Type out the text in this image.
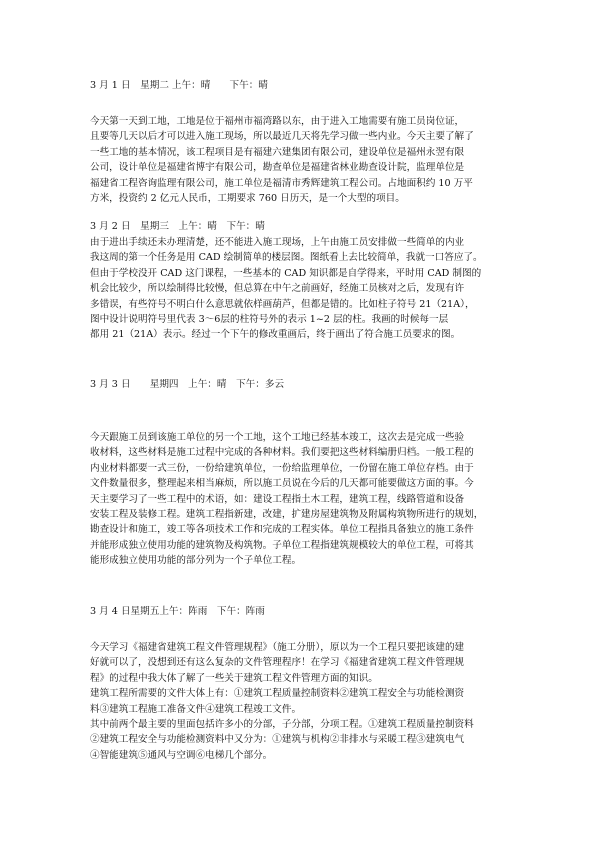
3 月 1 日　星期二 上午：晴　　下午：晴
今天第一天到工地，工地是位于福州市福湾路以东，由于进入工地需要有施工员岗位证，
且要等几天以后才可以进入施工现场，所以最近几天将先学习做一些内业。今天主要了解了
一些工地的基本情况，该工程项目是有福建六建集团有限公司，建设单位是福州永翌有限
公司，设计单位是福建省博宇有限公司，勘查单位是福建省林业勘查设计院，监理单位是
福建省工程咨询监理有限公司，施工单位是福清市秀辉建筑工程公司。占地面积约 10 万平
方米，投资约 2 亿元人民币，工期要求 760 日历天，是一个大型的项目。
3 月 2 日　星期三　上午：晴　下午：晴
由于进出手续还未办理清楚，还不能进入施工现场，上午由施工员安排做一些简单的内业
我这周的第一个任务是用 CAD 绘制简单的楼层图。图纸看上去比较简单，我就一口答应了。
但由于学校没开 CAD 这门课程，一些基本的 CAD 知识都是自学得来，平时用 CAD 制图的
机会比较少，所以绘制得比较慢，但总算在中午之前画好，经施工员核对之后，发现有许
多错误，有些符号不明白什么意思就依样画葫芦，但都是错的。比如柱子符号 21（21A），
图中设计说明符号里代表 3～6层的柱符号外的表示 1~2 层的柱。我画的时候每一层
都用 21（21A）表示。经过一个下午的修改重画后，终于画出了符合施工员要求的图。
3 月 3 日　　星期四　上午：晴　下午：多云
今天跟施工员到该施工单位的另一个工地，这个工地已经基本竣工，这次去是完成一些验
收材料，这些材料是施工过程中完成的各种材料。我们要把这些材料编册归档。一般工程的
内业材料都要一式三份，一份给建筑单位，一份给监理单位，一份留在施工单位存档。由于
文件数量很多，整理起来相当麻烦，所以施工员说在今后的几天都可能要做这方面的事。今
天主要学习了一些工程中的术语，如：建设工程指土木工程，建筑工程，线路管道和设备
安装工程及装修工程。建筑工程指新建，改建，扩建房屋建筑物及附属构筑物所进行的规划，
勘查设计和施工，竣工等各项技术工作和完成的工程实体。单位工程指具备独立的施工条件
并能形成独立使用功能的建筑物及构筑物。子单位工程指建筑规模较大的单位工程，可将其
能形成独立使用功能的部分列为一个子单位工程。
3 月 4 日星期五上午：阵雨　下午：阵雨
今天学习《福建省建筑工程文件管理规程》（施工分册），原以为一个工程只要把该建的建
好就可以了，没想到还有这么复杂的文件管理程序！在学习《福建省建筑工程文件管理规
程》的过程中我大体了解了一些关于建筑工程文件管理方面的知识。
建筑工程所需要的文件大体上有：①建筑工程质量控制资料②建筑工程安全与功能检测资
料③建筑工程施工准备文件④建筑工程竣工文件。
其中前两个最主要的里面包括许多小的分部，子分部，分项工程。①建筑工程质量控制资料
②建筑工程安全与功能检测资料中又分为：①建筑与机构②非排水与采暖工程③建筑电气
④智能建筑⑤通风与空调⑥电梯几个部分。
